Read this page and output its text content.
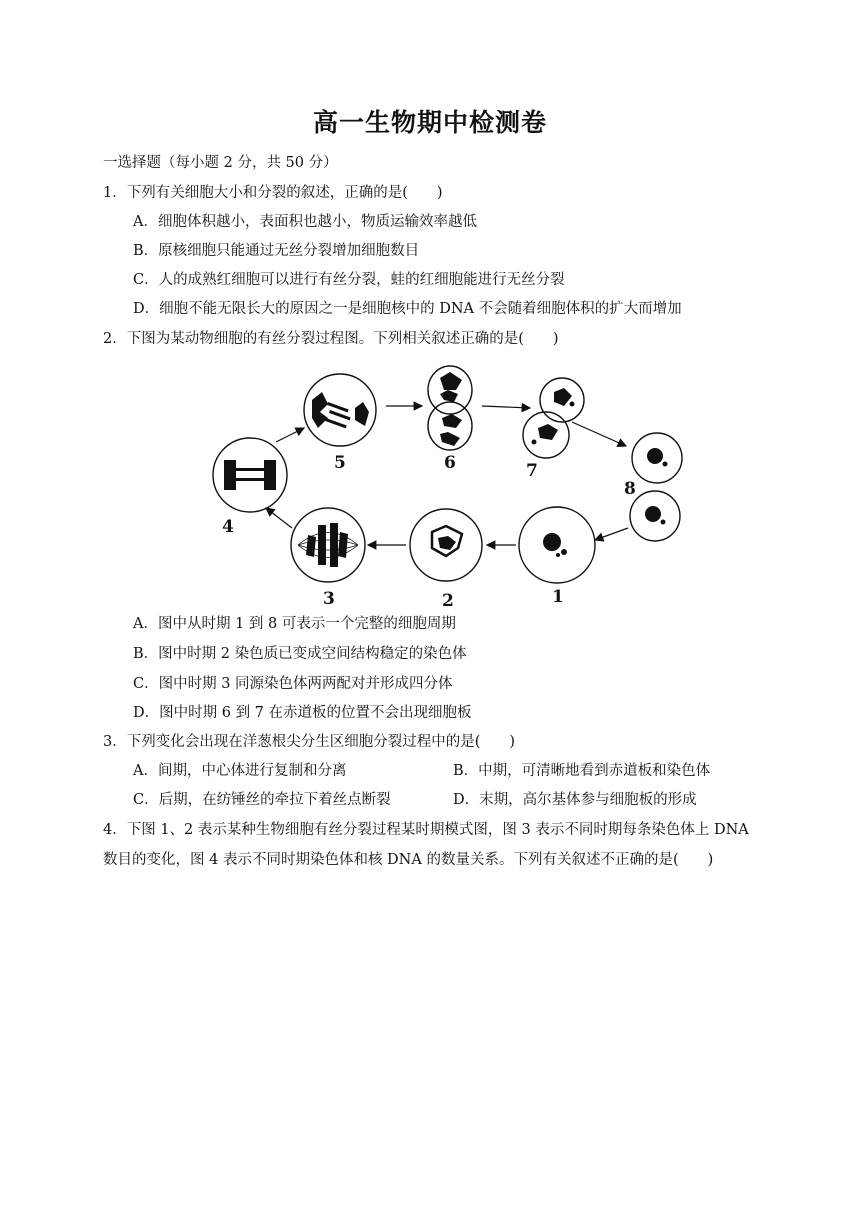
高一生物期中检测卷
一选择题（每小题 2 分，共 50 分）
1．下列有关细胞大小和分裂的叙述，正确的是(　　)
A．细胞体积越小，表面积也越小，物质运输效率越低
B．原核细胞只能通过无丝分裂增加细胞数目
C．人的成熟红细胞可以进行有丝分裂，蛙的红细胞能进行无丝分裂
D．细胞不能无限长大的原因之一是细胞核中的 DNA 不会随着细胞体积的扩大而增加
2．下图为某动物细胞的有丝分裂过程图。下列相关叙述正确的是(　　)
1
2
3
4
5	6	7
8
A．图中从时期 1 到 8 可表示一个完整的细胞周期
B．图中时期 2 染色质已变成空间结构稳定的染色体
C．图中时期 3 同源染色体两两配对并形成四分体
D．图中时期 6 到 7 在赤道板的位置不会出现细胞板
3．下列变化会出现在洋葱根尖分生区细胞分裂过程中的是(　　)
A．间期，中心体进行复制和分离	B．中期，可清晰地看到赤道板和染色体
C．后期，在纺锤丝的牵拉下着丝点断裂	D．末期，高尔基体参与细胞板的形成
4．下图 1、2 表示某种生物细胞有丝分裂过程某时期模式图，图 3 表示不同时期每条染色体上 DNA
数目的变化，图 4 表示不同时期染色体和核 DNA 的数量关系。下列有关叙述不正确的是(　　)
